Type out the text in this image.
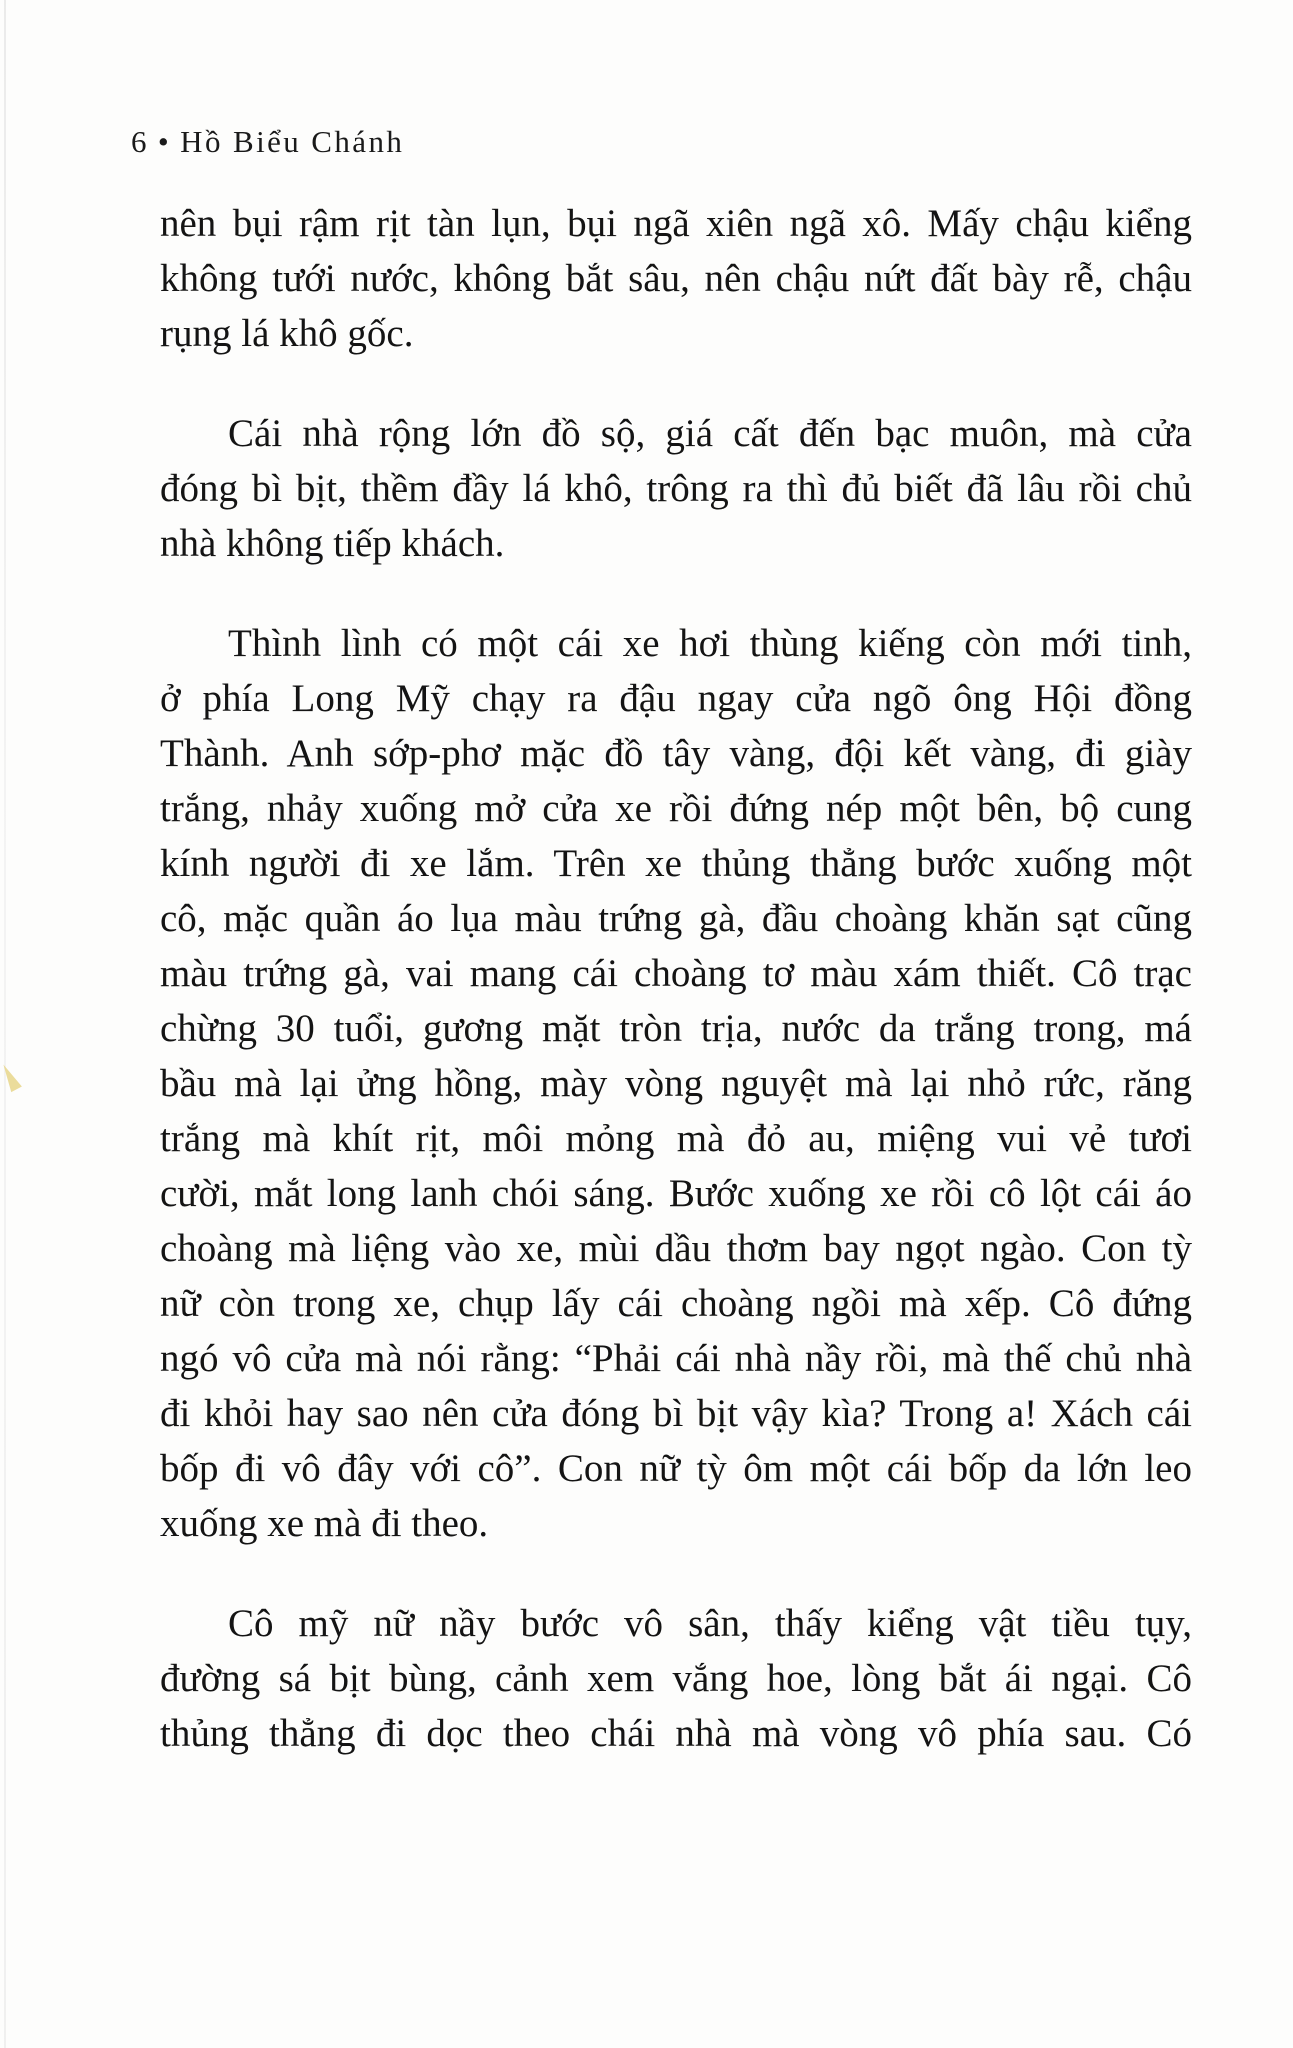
6 • Hồ Biểu Chánh
nên bụi rậm rịt tàn lụn, bụi ngã xiên ngã xô. Mấy chậu kiểng
không tưới nước, không bắt sâu, nên chậu nứt đất bày rễ, chậu
rụng lá khô gốc.
Cái nhà rộng lớn đồ sộ, giá cất đến bạc muôn, mà cửa
đóng bì bịt, thềm đầy lá khô, trông ra thì đủ biết đã lâu rồi chủ
nhà không tiếp khách.
Thình lình có một cái xe hơi thùng kiếng còn mới tinh,
ở phía Long Mỹ chạy ra đậu ngay cửa ngõ ông Hội đồng
Thành. Anh sớp-phơ mặc đồ tây vàng, đội kết vàng, đi giày
trắng, nhảy xuống mở cửa xe rồi đứng nép một bên, bộ cung
kính người đi xe lắm. Trên xe thủng thẳng bước xuống một
cô, mặc quần áo lụa màu trứng gà, đầu choàng khăn sạt cũng
màu trứng gà, vai mang cái choàng tơ màu xám thiết. Cô trạc
chừng 30 tuổi, gương mặt tròn trịa, nước da trắng trong, má
bầu mà lại ửng hồng, mày vòng nguyệt mà lại nhỏ rức, răng
trắng mà khít rịt, môi mỏng mà đỏ au, miệng vui vẻ tươi
cười, mắt long lanh chói sáng. Bước xuống xe rồi cô lột cái áo
choàng mà liệng vào xe, mùi dầu thơm bay ngọt ngào. Con tỳ
nữ còn trong xe, chụp lấy cái choàng ngồi mà xếp. Cô đứng
ngó vô cửa mà nói rằng: “Phải cái nhà nầy rồi, mà thế chủ nhà
đi khỏi hay sao nên cửa đóng bì bịt vậy kìa? Trong a! Xách cái
bốp đi vô đây với cô”. Con nữ tỳ ôm một cái bốp da lớn leo
xuống xe mà đi theo.
Cô mỹ nữ nầy bước vô sân, thấy kiểng vật tiều tụy,
đường sá bịt bùng, cảnh xem vắng hoe, lòng bắt ái ngại. Cô
thủng thẳng đi dọc theo chái nhà mà vòng vô phía sau. Có
